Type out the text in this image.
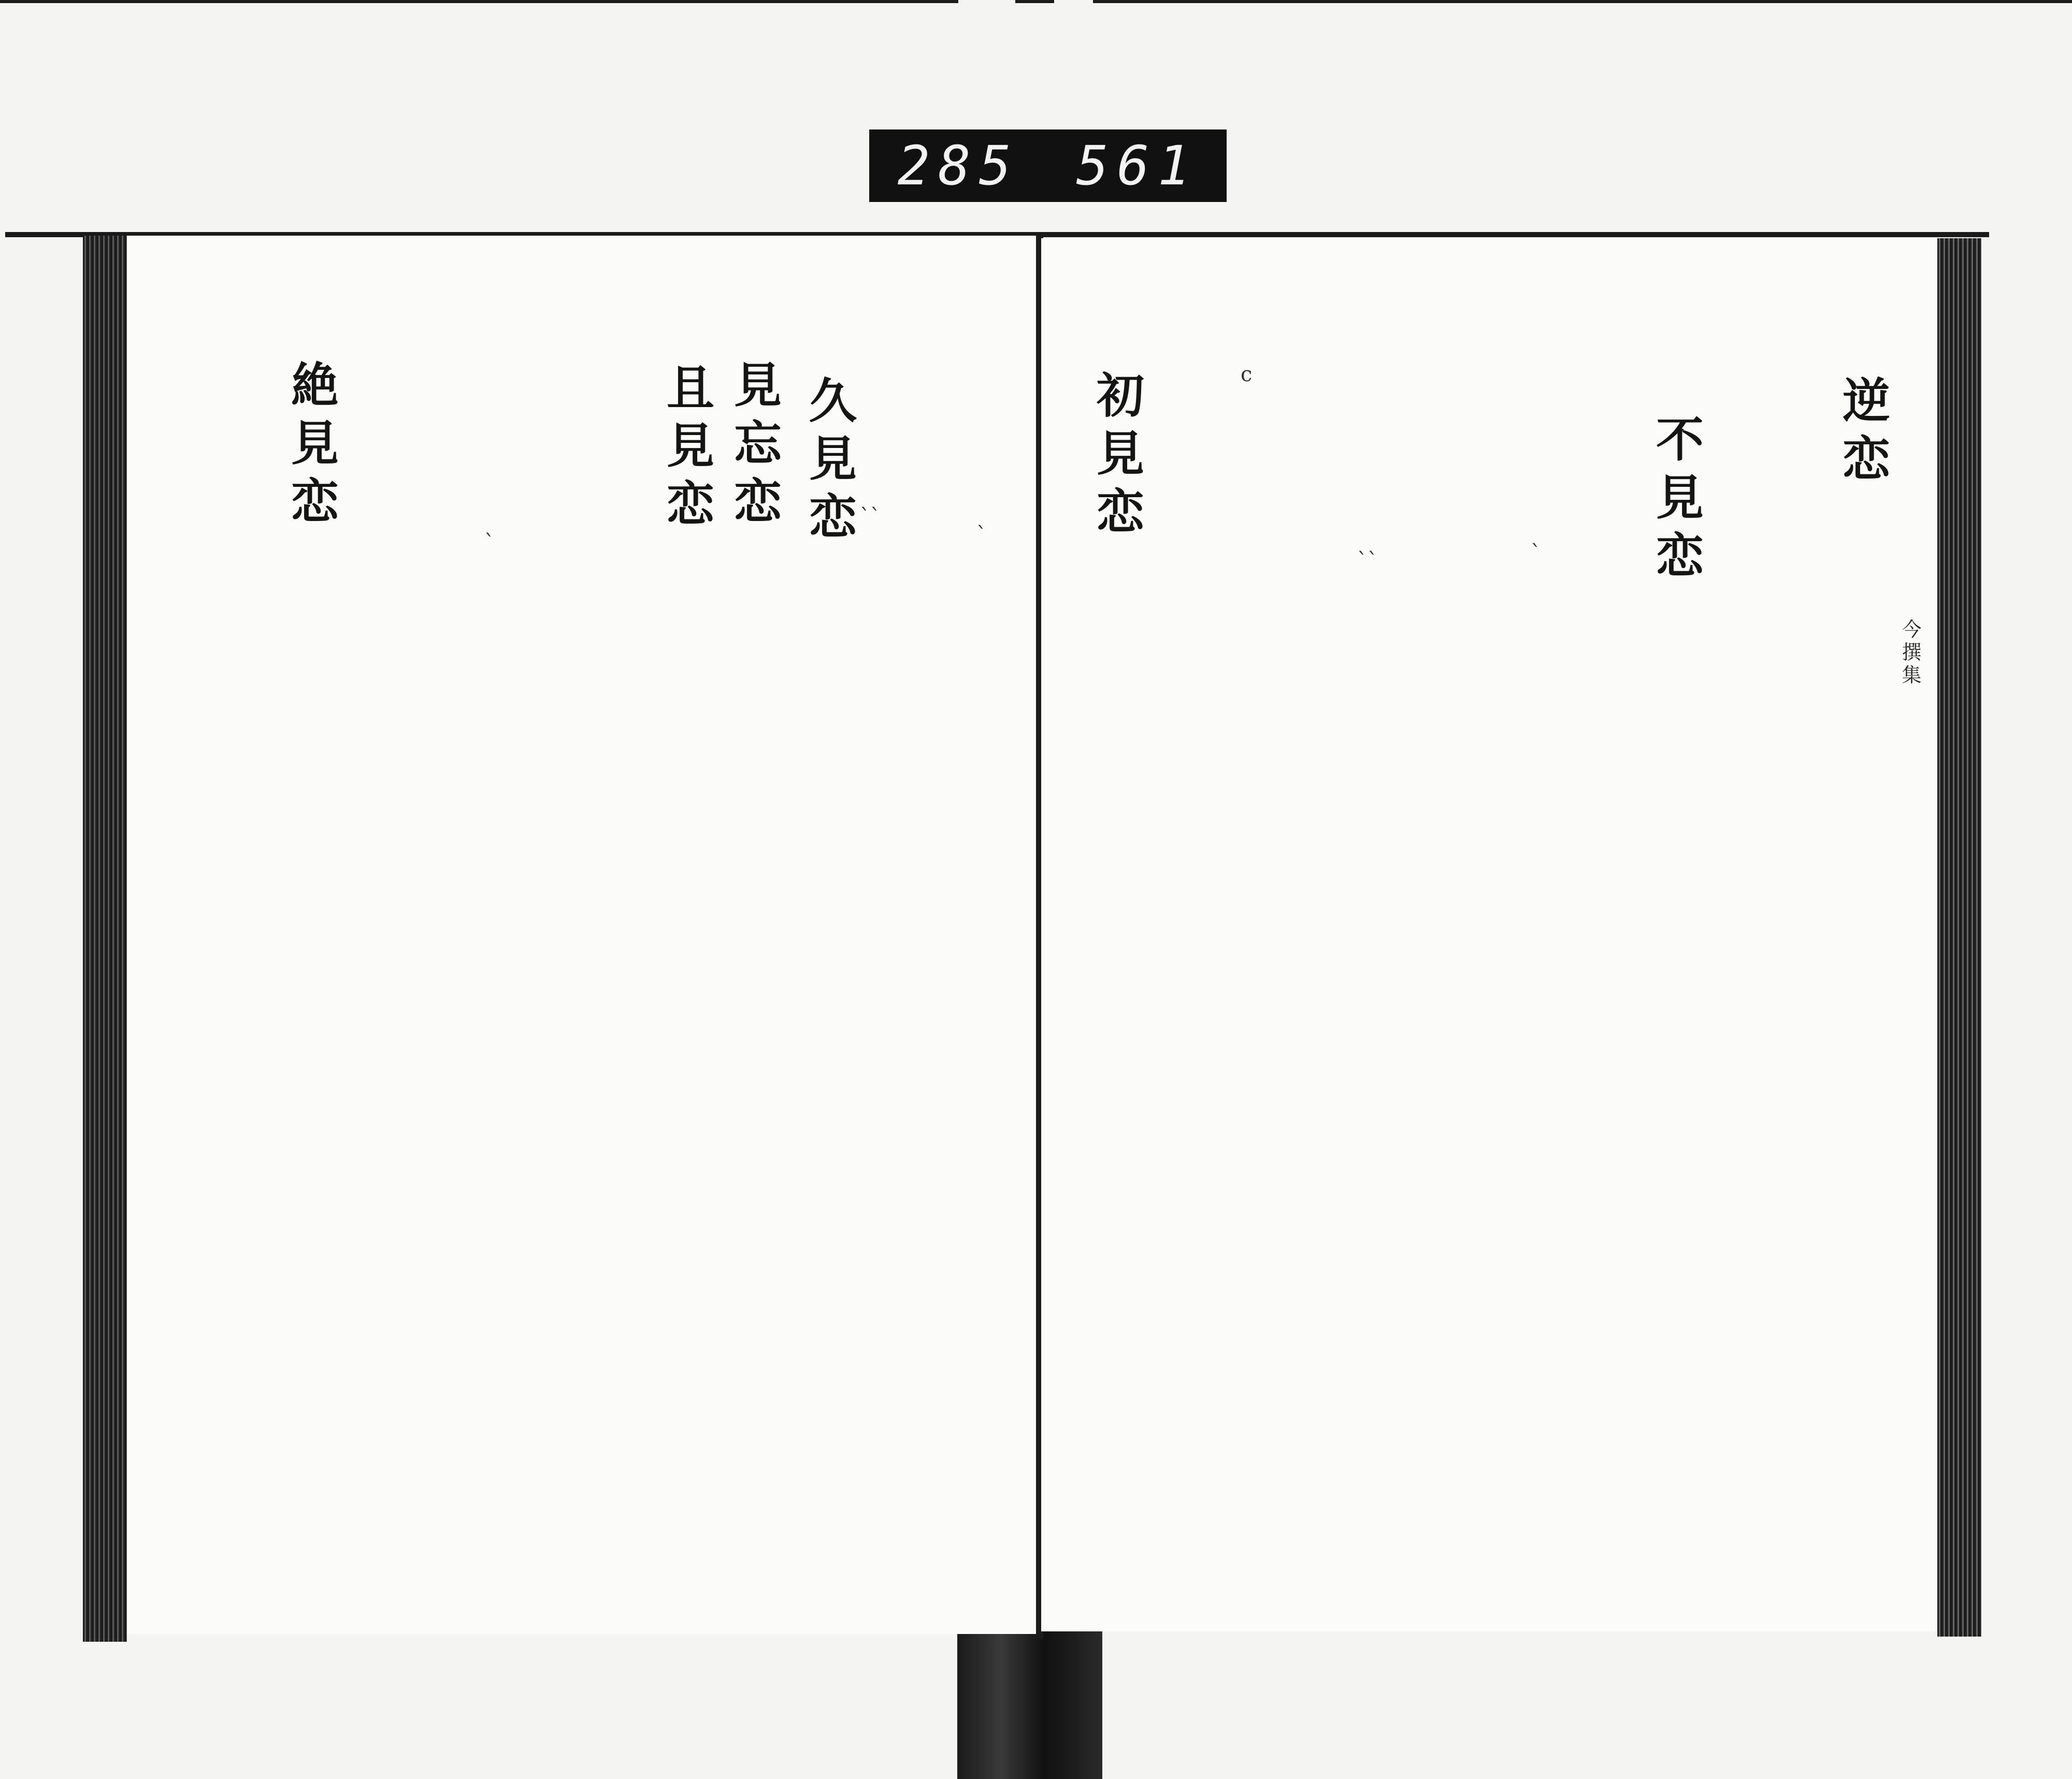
285 561
久見恋
見忘恋
且見恋
絶見恋
`
``
`
逆恋
不見恋
初見恋
今撰集
`
``
c
